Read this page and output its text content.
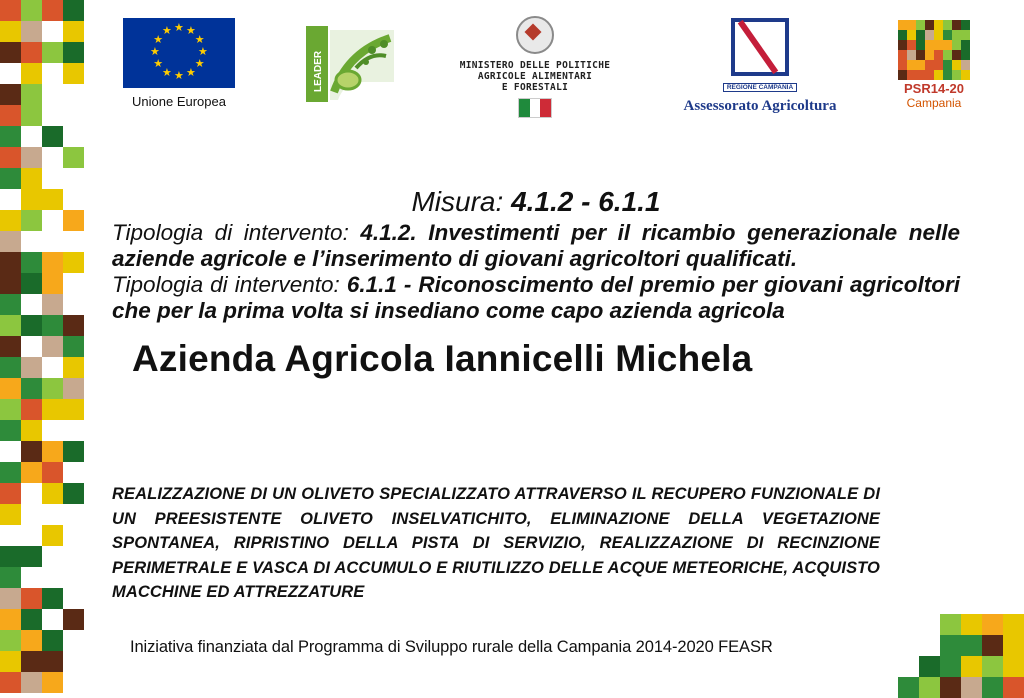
★ ★
★
★
★
★
★
★
★
★
★
★
Unione Europea
LEADER	MINISTERO DELLE POLITICHE
AGRICOLE ALIMENTARI
E FORESTALI	REGIONE CAMPANIA
Assessorato Agricoltura
PSR14-20
Campania
Misura: 4.1.2 - 6.1.1
Tipologia di intervento: 4.1.2. Investimenti per il ricambio generazionale nelle aziende agricole e l’inserimento di giovani agricoltori qualificati.
Tipologia di intervento: 6.1.1 - Riconoscimento del premio per giovani agricoltori che per la prima volta si insediano come capo azienda agricola
Azienda Agricola Iannicelli Michela
REALIZZAZIONE DI UN OLIVETO SPECIALIZZATO ATTRAVERSO IL RECUPERO FUNZIONALE DI UN PREESISTENTE OLIVETO INSELVATICHITO, ELIMINAZIONE DELLA VEGETAZIONE SPONTANEA, RIPRISTINO DELLA PISTA DI SERVIZIO, REALIZZAZIONE DI RECINZIONE PERIMETRALE E VASCA DI ACCUMULO E RIUTILIZZO DELLE ACQUE METEORICHE, ACQUISTO MACCHINE ED ATTREZZATURE
Iniziativa finanziata dal Programma di Sviluppo rurale della Campania 2014-2020 FEASR
